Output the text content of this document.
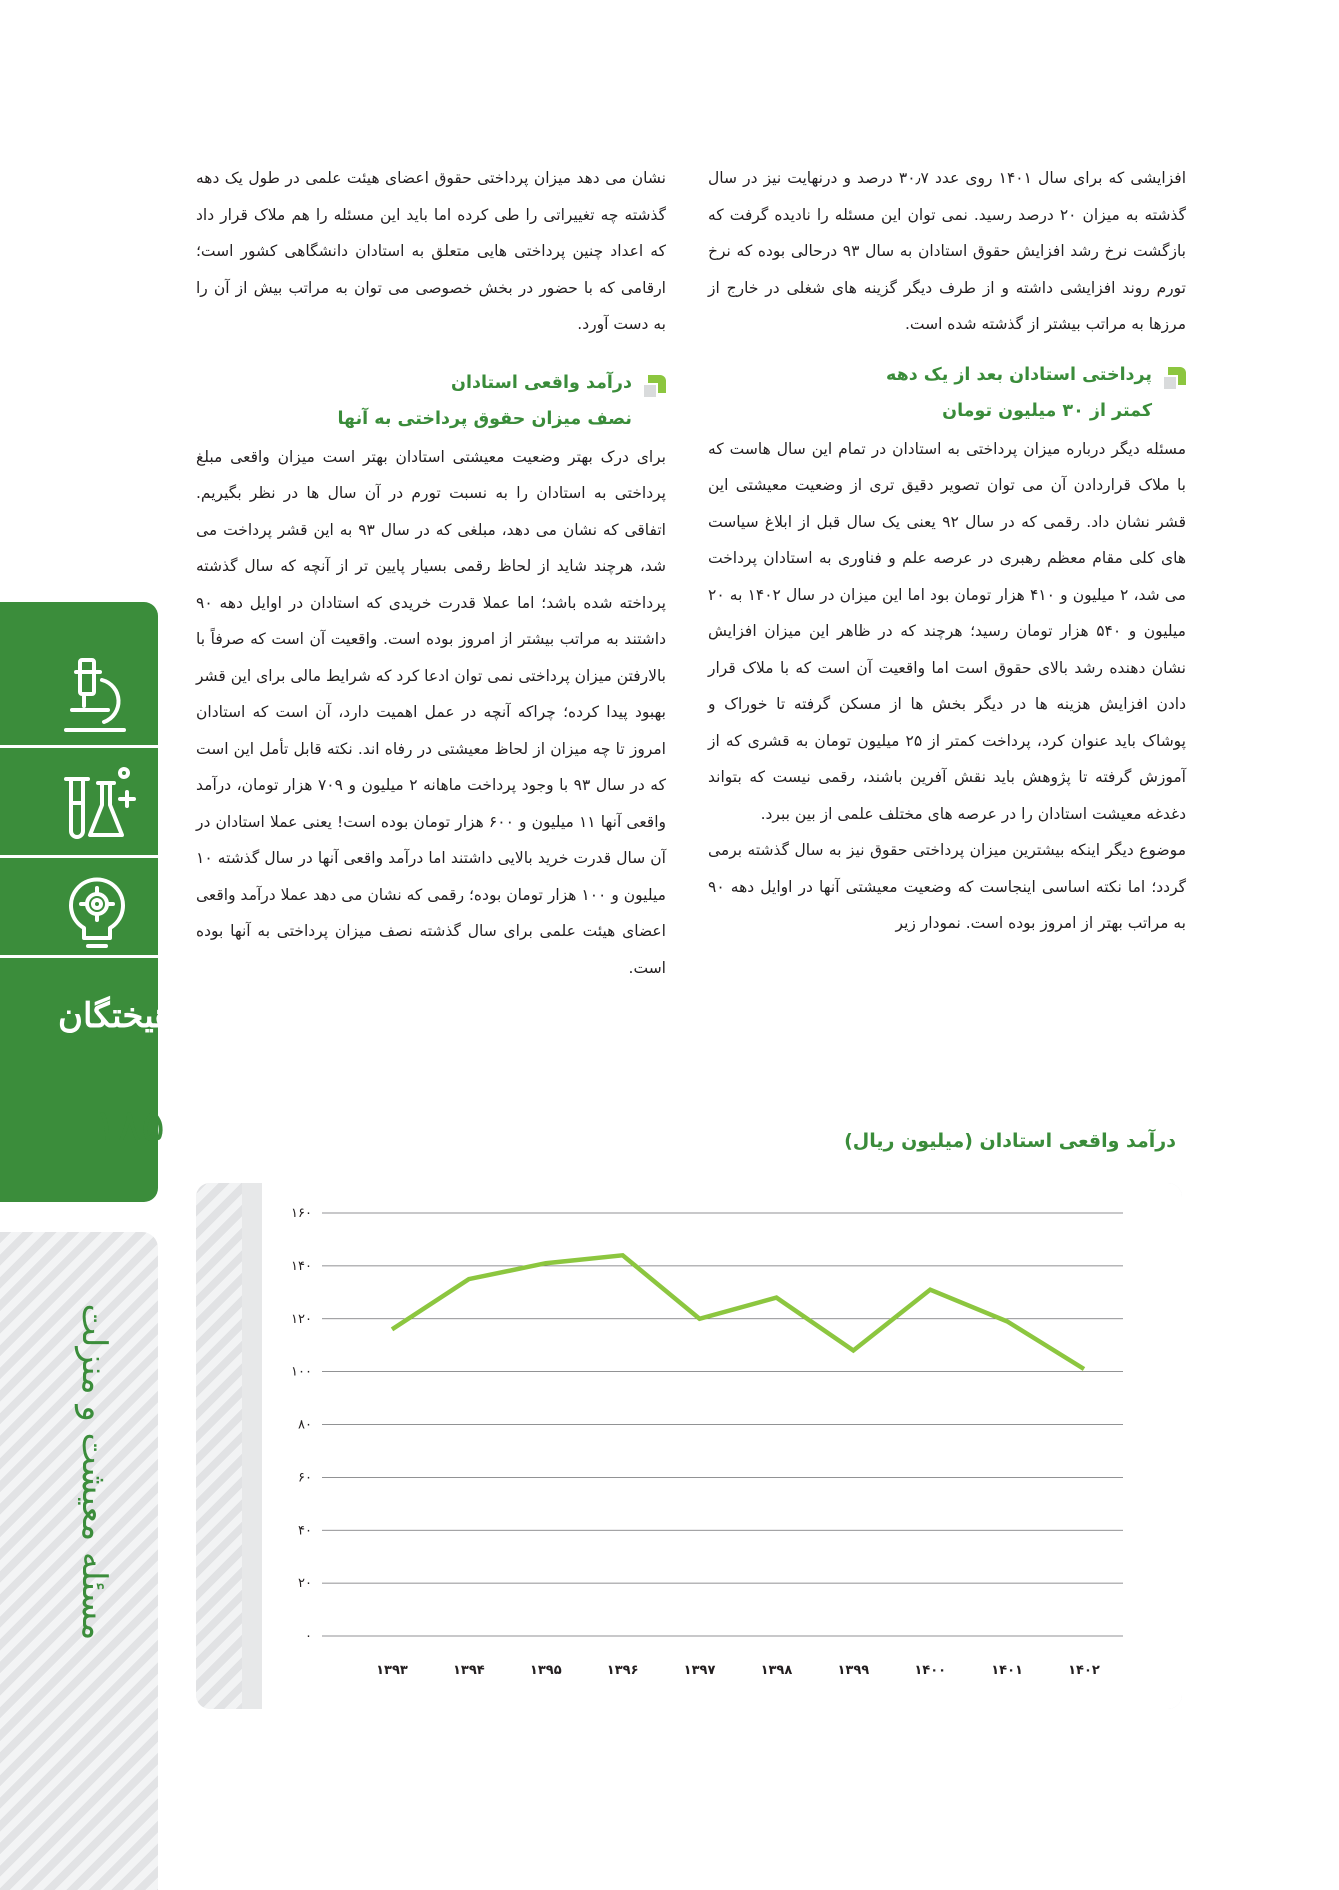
افزایشی که برای سال ۱۴۰۱ روی عدد ۳۰٫۷ درصد و درنهایت نیز در سال گذشته به میزان ۲۰ درصد رسید. نمی توان این مسئله را نادیده گرفت که بازگشت نرخ رشد افزایش حقوق استادان به سال ۹۳ درحالی بوده که نرخ تورم روند افزایشی داشته و از طرف دیگر گزینه های شغلی در خارج از مرزها به مراتب بیشتر از گذشته شده است.

پرداختی استادان بعد از یک دهه
کمتر از ۳۰ میلیون تومان

مسئله دیگر درباره میزان پرداختی به استادان در تمام این سال هاست که با ملاک قراردادن آن می توان تصویر دقیق تری از وضعیت معیشتی این قشر نشان داد. رقمی که در سال ۹۲ یعنی یک سال قبل از ابلاغ سیاست های کلی مقام معظم رهبری در عرصه علم و فناوری به استادان پرداخت می شد، ۲ میلیون و ۴۱۰ هزار تومان بود اما این میزان در سال ۱۴۰۲ به ۲۰ میلیون و ۵۴۰ هزار تومان رسید؛ هرچند که در ظاهر این میزان افزایش نشان دهنده رشد بالای حقوق است اما واقعیت آن است که با ملاک قرار دادن افزایش هزینه ها در دیگر بخش ها از مسکن گرفته تا خوراک و پوشاک باید عنوان کرد، پرداخت کمتر از ۲۵ میلیون تومان به قشری که از آموزش گرفته تا پژوهش باید نقش آفرین باشند، رقمی نیست که بتواند دغدغه معیشت استادان را در عرصه های مختلف علمی از بین ببرد.

موضوع دیگر اینکه بیشترین میزان پرداختی حقوق نیز به سال گذشته برمی گردد؛ اما نکته اساسی اینجاست که وضعیت معیشتی آنها در اوایل دهه ۹۰ به مراتب بهتر از امروز بوده است. نمودار زیر

نشان می دهد میزان پرداختی حقوق اعضای هیئت علمی در طول یک دهه گذشته چه تغییراتی را طی کرده اما باید این مسئله را هم ملاک قرار داد که اعداد چنین پرداختی هایی متعلق به استادان دانشگاهی کشور است؛ ارقامی که با حضور در بخش خصوصی می توان به مراتب بیش از آن را به دست آورد.

درآمد واقعی استادان
نصف میزان حقوق پرداختی به آنها

برای درک بهتر وضعیت معیشتی استادان بهتر است میزان واقعی مبلغ پرداختی به استادان را به نسبت تورم در آن سال ها در نظر بگیریم. اتفاقی که نشان می دهد، مبلغی که در سال ۹۳ به این قشر پرداخت می شد، هرچند شاید از لحاظ رقمی بسیار پایین تر از آنچه که سال گذشته پرداخته شده باشد؛ اما عملا قدرت خریدی که استادان در اوایل دهه ۹۰ داشتند به مراتب بیشتر از امروز بوده است. واقعیت آن است که صرفاً با بالارفتن میزان پرداختی نمی توان ادعا کرد که شرایط مالی برای این قشر بهبود پیدا کرده؛ چراکه آنچه در عمل اهمیت دارد، آن است که استادان امروز تا چه میزان از لحاظ معیشتی در رفاه اند. نکته قابل تأمل این است که در سال ۹۳ با وجود پرداخت ماهانه ۲ میلیون و ۷۰۹ هزار تومان، درآمد واقعی آنها ۱۱ میلیون و ۶۰۰ هزار تومان بوده است! یعنی عملا استادان در آن سال قدرت خرید بالایی داشتند اما درآمد واقعی آنها در سال گذشته ۱۰ میلیون و ۱۰۰ هزار تومان بوده؛ رقمی که نشان می دهد عملا درآمد واقعی اعضای هیئت علمی برای سال گذشته نصف میزان پرداختی به آنها بوده است.

فرهیختگان
۱۸۵
مسئله معیشت و منزلت
درآمد واقعی استادان (میلیون ریال)
۰
۲۰
۴۰
۶۰
۸۰
۱۰۰
۱۲۰
۱۴۰
۱۶۰
۱۳۹۳	۱۳۹۴	۱۳۹۵	۱۳۹۶	۱۳۹۷	۱۳۹۸	۱۳۹۹	۱۴۰۰	۱۴۰۱	۱۴۰۲
